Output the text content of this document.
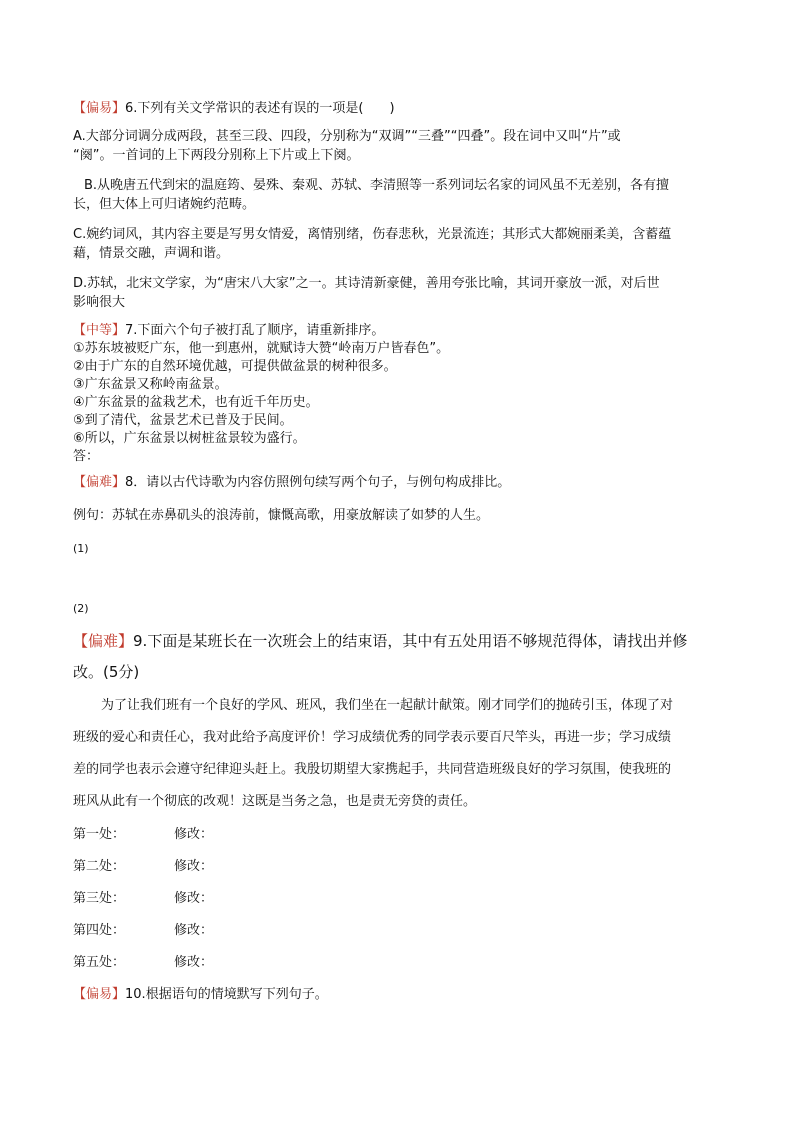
【偏易】6.下列有关文学常识的表述有误的一项是(　　)
A.大部分词调分成两段，甚至三段、四段，分别称为“双调”“三叠”“四叠”。段在词中又叫“片”或
“阕”。一首词的上下两段分别称上下片或上下阕。
B.从晚唐五代到宋的温庭筠、晏殊、秦观、苏轼、李清照等一系列词坛名家的词风虽不无差别，各有擅
长，但大体上可归诸婉约范畴。
C.婉约词风，其内容主要是写男女情爱，离情别绪，伤春悲秋，光景流连；其形式大都婉丽柔美，含蓄蕴
藉，情景交融，声调和谐。
D.苏轼，北宋文学家，为“唐宋八大家”之一。其诗清新豪健，善用夸张比喻，其词开豪放一派，对后世
影响很大
【中等】7.下面六个句子被打乱了顺序，请重新排序。
①苏东坡被贬广东，他一到惠州，就赋诗大赞“岭南万户皆春色”。
②由于广东的自然环境优越，可提供做盆景的树种很多。
③广东盆景又称岭南盆景。
④广东盆景的盆栽艺术，也有近千年历史。
⑤到了清代，盆景艺术已普及于民间。
⑥所以，广东盆景以树桩盆景较为盛行。
答：
【偏难】8．请以古代诗歌为内容仿照例句续写两个句子，与例句构成排比。
例句：苏轼在赤鼻矶头的浪涛前，慷慨高歌，用豪放解读了如梦的人生。
(1)
(2)
【偏难】9.下面是某班长在一次班会上的结束语，其中有五处用语不够规范得体，请找出并修
改。(5分)
为了让我们班有一个良好的学风、班风，我们坐在一起献计献策。刚才同学们的抛砖引玉，体现了对
班级的爱心和责任心，我对此给予高度评价！学习成绩优秀的同学表示要百尺竿头，再进一步；学习成绩
差的同学也表示会遵守纪律迎头赶上。我殷切期望大家携起手，共同营造班级良好的学习氛围，使我班的
班风从此有一个彻底的改观！这既是当务之急，也是责无旁贷的责任。
第一处：	修改：
第二处：	修改：
第三处：	修改：
第四处：	修改：
第五处：	修改：
【偏易】10.根据语句的情境默写下列句子。
